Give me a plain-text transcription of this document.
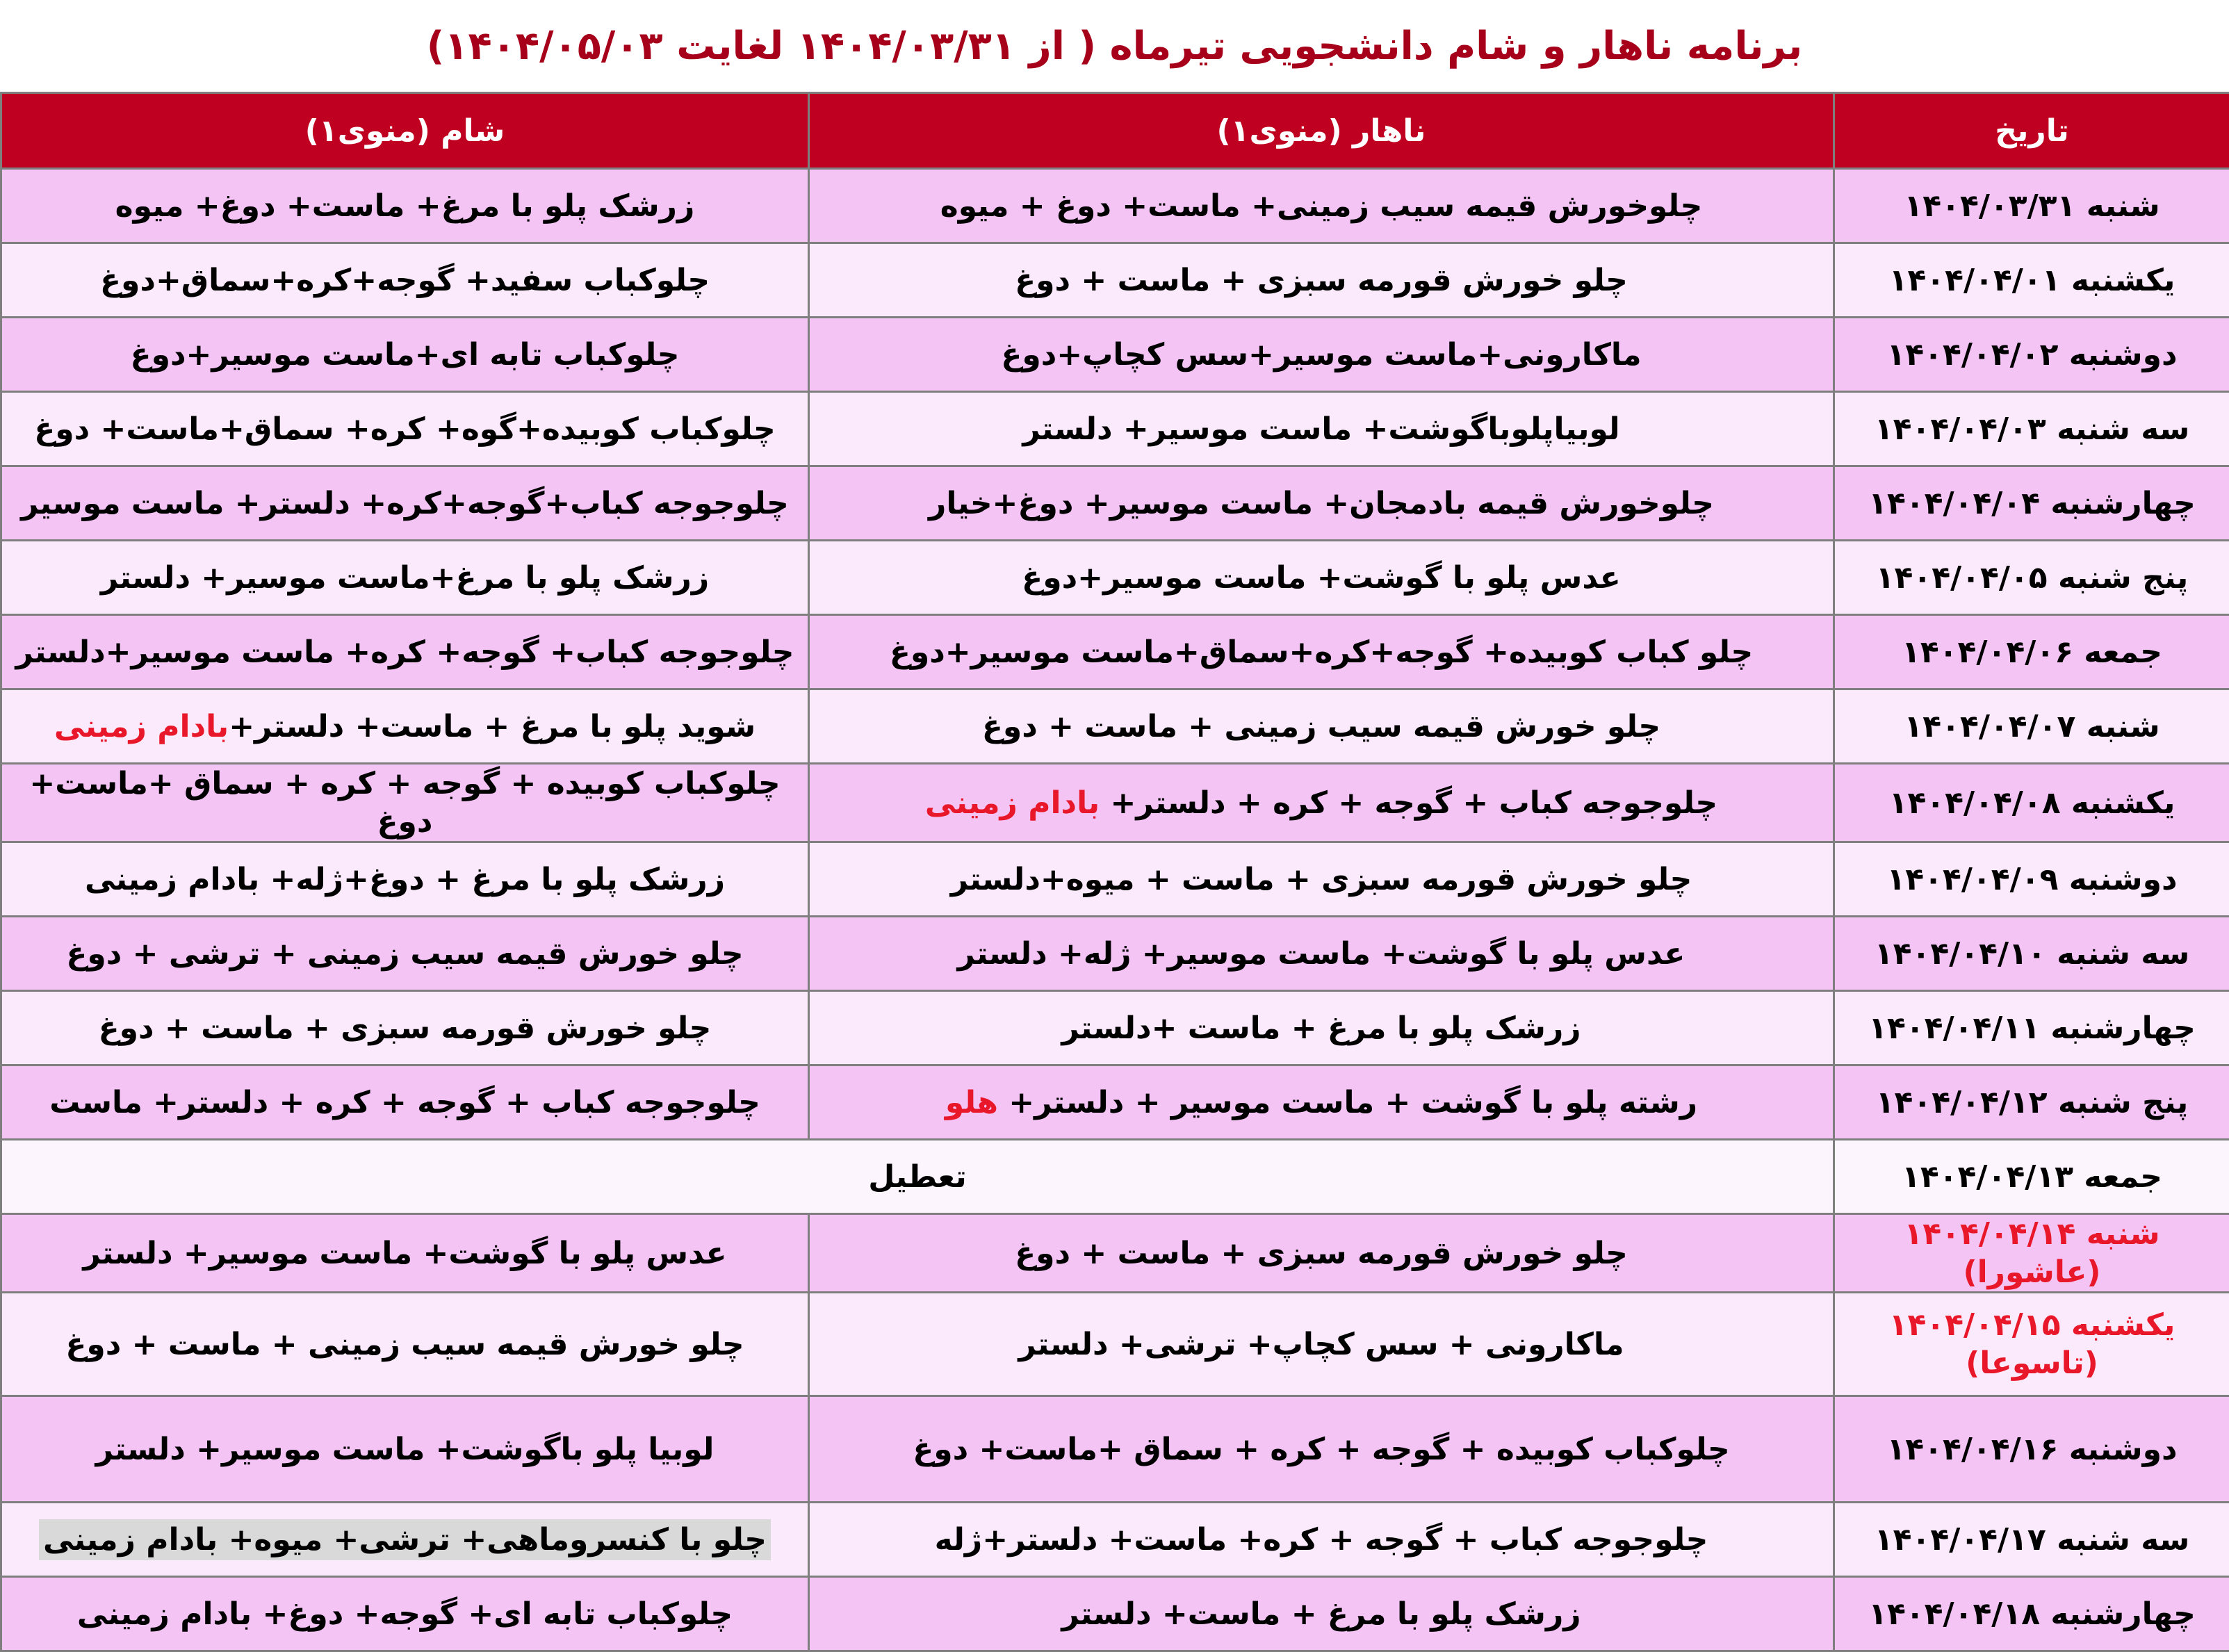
برنامه ناهار و شام دانشجویی تیرماه ( از ۱۴۰۴/۰۳/۳۱ لغایت ۱۴۰۴/۰۵/۰۳)
تاریخ	ناهار (منوی۱)	شام (منوی۱)
شنبه ۱۴۰۴/۰۳/۳۱	چلوخورش قیمه سیب زمینی+ ماست+ دوغ + میوه	زرشک پلو با مرغ+ ماست+ دوغ+ میوه
یکشنبه ۱۴۰۴/۰۴/۰۱	چلو خورش قورمه سبزی + ماست + دوغ	چلوکباب سفید+ گوجه+کره+سماق+دوغ
دوشنبه ۱۴۰۴/۰۴/۰۲	ماکارونی+ماست موسیر+سس کچاپ+دوغ	چلوکباب تابه ای+ماست موسیر+دوغ
سه شنبه ۱۴۰۴/۰۴/۰۳	لوبیاپلوباگوشت+ ماست موسیر+ دلستر	چلوکباب کوبیده+گوه+ کره+ سماق+ماست+ دوغ
چهارشنبه ۱۴۰۴/۰۴/۰۴	چلوخورش قیمه بادمجان+ ماست موسیر+ دوغ+خیار	چلوجوجه کباب+گوجه+کره+ دلستر+ ماست موسیر
پنج شنبه ۱۴۰۴/۰۴/۰۵	عدس پلو با گوشت+ ماست موسیر+دوغ	زرشک پلو با مرغ+ماست موسیر+ دلستر
جمعه ۱۴۰۴/۰۴/۰۶	چلو کباب کوبیده+ گوجه+کره+سماق+ماست موسیر+دوغ	چلوجوجه کباب+ گوجه+ کره+ ماست موسیر+دلستر
شنبه ۱۴۰۴/۰۴/۰۷	چلو خورش قیمه سیب زمینی + ماست + دوغ	شوید پلو با مرغ + ماست+ دلستر+بادام زمینی
یکشنبه ۱۴۰۴/۰۴/۰۸	چلوجوجه کباب + گوجه + کره + دلستر+ بادام زمینی	چلوکباب کوبیده + گوجه + کره + سماق +ماست+ دوغ
دوشنبه ۱۴۰۴/۰۴/۰۹	چلو خورش قورمه سبزی + ماست + میوه+دلستر	زرشک پلو با مرغ + دوغ+ژله+ بادام زمینی
سه شنبه ۱۴۰۴/۰۴/۱۰	عدس پلو با گوشت+ ماست موسیر+ ژله+ دلستر	چلو خورش قیمه سیب زمینی + ترشی + دوغ
چهارشنبه ۱۴۰۴/۰۴/۱۱	زرشک پلو با مرغ + ماست +دلستر	چلو خورش قورمه سبزی + ماست + دوغ
پنج شنبه ۱۴۰۴/۰۴/۱۲	رشته پلو با گوشت + ماست موسیر + دلستر+ هلو	چلوجوجه کباب + گوجه + کره + دلستر+ ماست
جمعه ۱۴۰۴/۰۴/۱۳	تعطیل	
شنبه ۱۴۰۴/۰۴/۱۴ (عاشورا)	چلو خورش قورمه سبزی + ماست + دوغ	عدس پلو با گوشت+ ماست موسیر+ دلستر
یکشنبه ۱۴۰۴/۰۴/۱۵ (تاسوعا)	ماکارونی + سس کچاپ+ ترشی+ دلستر	چلو خورش قیمه سیب زمینی + ماست + دوغ
دوشنبه ۱۴۰۴/۰۴/۱۶	چلوکباب کوبیده + گوجه + کره + سماق +ماست+ دوغ	لوبیا پلو باگوشت+ ماست موسیر+ دلستر
سه شنبه ۱۴۰۴/۰۴/۱۷	چلوجوجه کباب + گوجه + کره+ ماست+ دلستر+ژله	چلو با کنسروماهی+ ترشی+ میوه+ بادام زمینی
چهارشنبه ۱۴۰۴/۰۴/۱۸	زرشک پلو با مرغ + ماست+ دلستر	چلوکباب تابه ای+ گوجه+ دوغ+ بادام زمینی
